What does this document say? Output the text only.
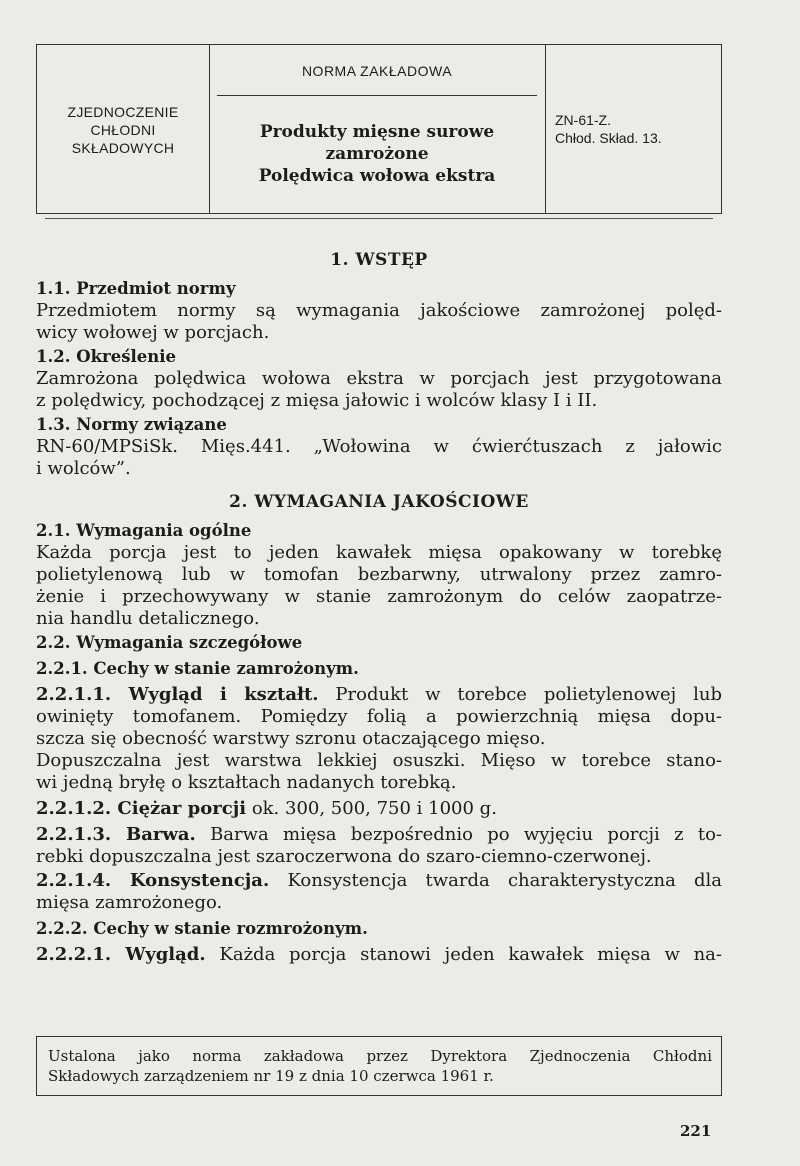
ZJEDNOCZENIE
CHŁODNI
SKŁADOWYCH
NORMA ZAKŁADOWA
Produkty mięsne surowe
zamrożone
Polędwica wołowa ekstra
ZN-61-Z.
Chłod. Skład. 13.
1. WSTĘP
1.1. Przedmiot normy
Przedmiotem normy są wymagania jakościowe zamrożonej polęd-
wicy wołowej w porcjach.
1.2. Określenie
Zamrożona polędwica wołowa ekstra w porcjach jest przygotowana
z polędwicy, pochodzącej z mięsa jałowic i wolców klasy I i II.
1.3. Normy związane
RN-60/MPSiSk. Mięs.441. „Wołowina w ćwierćtuszach z jałowic
i wolców”.
2. WYMAGANIA JAKOŚCIOWE
2.1. Wymagania ogólne
Każda porcja jest to jeden kawałek mięsa opakowany w torebkę
polietylenową lub w tomofan bezbarwny, utrwalony przez zamro-
żenie i przechowywany w stanie zamrożonym do celów zaopatrze-
nia handlu detalicznego.
2.2. Wymagania szczegółowe
2.2.1. Cechy w stanie zamrożonym.
2.2.1.1. Wygląd i kształt. Produkt w torebce polietylenowej lub
owinięty tomofanem. Pomiędzy folią a powierzchnią mięsa dopu-
szcza się obecność warstwy szronu otaczającego mięso.
Dopuszczalna jest warstwa lekkiej osuszki. Mięso w torebce stano-
wi jedną bryłę o kształtach nadanych torebką.
2.2.1.2. Ciężar porcji ok. 300, 500, 750 i 1000 g.
2.2.1.3. Barwa. Barwa mięsa bezpośrednio po wyjęciu porcji z to-
rebki dopuszczalna jest szaroczerwona do szaro-ciemno-czerwonej.
2.2.1.4. Konsystencja. Konsystencja twarda charakterystyczna dla
mięsa zamrożonego.
2.2.2. Cechy w stanie rozmrożonym.
2.2.2.1. Wygląd. Każda porcja stanowi jeden kawałek mięsa w na-
Ustalona jako norma zakładowa przez Dyrektora Zjednoczenia Chłodni
Składowych zarządzeniem nr 19 z dnia 10 czerwca 1961 r.
221
